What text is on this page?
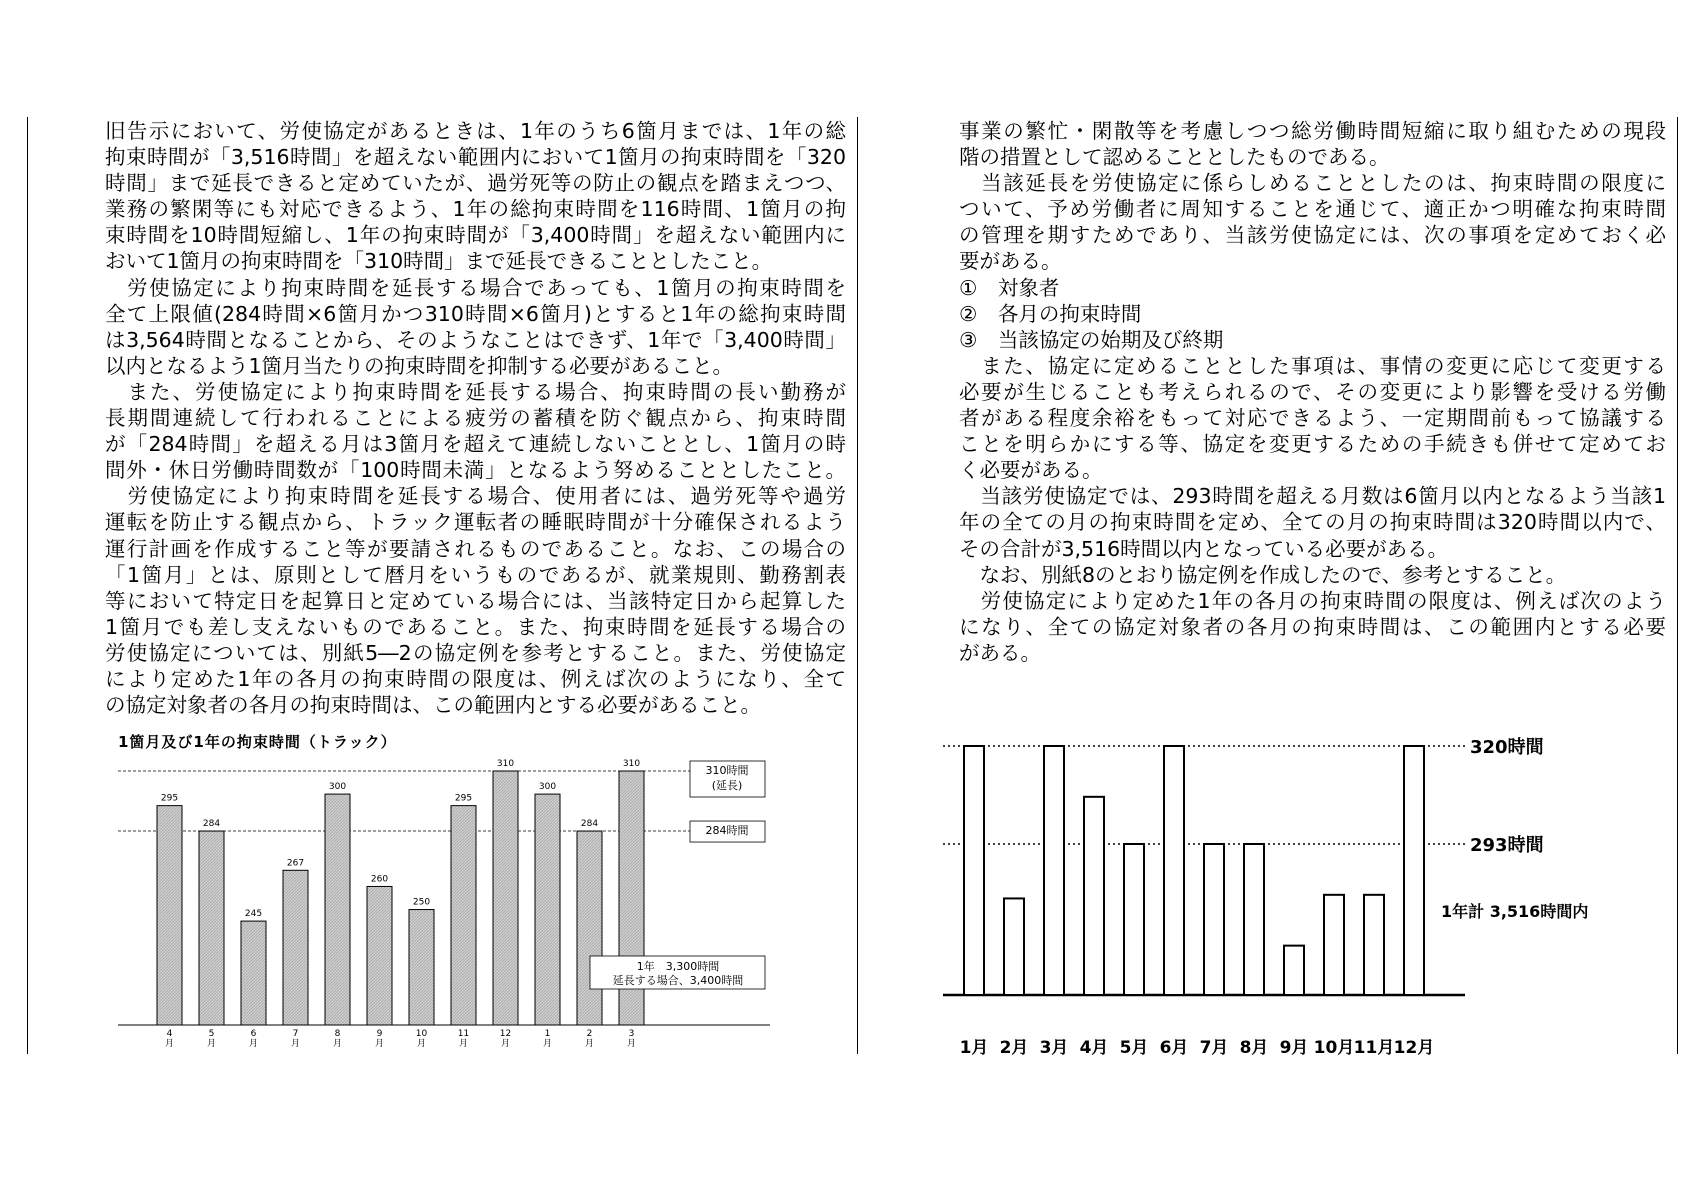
旧告示において、労使協定があるときは、1年のうち6箇月までは、1年の総
拘束時間が「3,516時間」を超えない範囲内において1箇月の拘束時間を「320
時間」まで延長できると定めていたが、過労死等の防止の観点を踏まえつつ、
業務の繁閑等にも対応できるよう、1年の総拘束時間を116時間、1箇月の拘
束時間を10時間短縮し、1年の拘束時間が「3,400時間」を超えない範囲内に
おいて1箇月の拘束時間を「310時間」まで延長できることとしたこと。
　労使協定により拘束時間を延長する場合であっても、1箇月の拘束時間を
全て上限値(284時間×6箇月かつ310時間×6箇月)とすると1年の総拘束時間
は3,564時間となることから、そのようなことはできず、1年で「3,400時間」
以内となるよう1箇月当たりの拘束時間を抑制する必要があること。
　また、労使協定により拘束時間を延長する場合、拘束時間の長い勤務が
長期間連続して行われることによる疲労の蓄積を防ぐ観点から、拘束時間
が「284時間」を超える月は3箇月を超えて連続しないこととし、1箇月の時
間外・休日労働時間数が「100時間未満」となるよう努めることとしたこと。
　労使協定により拘束時間を延長する場合、使用者には、過労死等や過労
運転を防止する観点から、トラック運転者の睡眠時間が十分確保されるよう
運行計画を作成すること等が要請されるものであること。なお、この場合の
「1箇月」とは、原則として暦月をいうものであるが、就業規則、勤務割表
等において特定日を起算日と定めている場合には、当該特定日から起算した
1箇月でも差し支えないものであること。また、拘束時間を延長する場合の
労使協定については、別紙5―2の協定例を参考とすること。また、労使協定
により定めた1年の各月の拘束時間の限度は、例えば次のようになり、全て
の協定対象者の各月の拘束時間は、この範囲内とする必要があること。
事業の繁忙・閑散等を考慮しつつ総労働時間短縮に取り組むための現段
階の措置として認めることとしたものである。
　当該延長を労使協定に係らしめることとしたのは、拘束時間の限度に
ついて、予め労働者に周知することを通じて、適正かつ明確な拘束時間
の管理を期すためであり、当該労使協定には、次の事項を定めておく必
要がある。
①　対象者
②　各月の拘束時間
③　当該協定の始期及び終期
　また、協定に定めることとした事項は、事情の変更に応じて変更する
必要が生じることも考えられるので、その変更により影響を受ける労働
者がある程度余裕をもって対応できるよう、一定期間前もって協議する
ことを明らかにする等、協定を変更するための手続きも併せて定めてお
く必要がある。
　当該労使協定では、293時間を超える月数は6箇月以内となるよう当該1
年の全ての月の拘束時間を定め、全ての月の拘束時間は320時間以内で、
その合計が3,516時間以内となっている必要がある。
　なお、別紙8のとおり協定例を作成したので、参考とすること。
　労使協定により定めた1年の各月の拘束時間の限度は、例えば次のよう
になり、全ての協定対象者の各月の拘束時間は、この範囲内とする必要
がある。
1箇月及び1年の拘束時間（トラック）
310時間
(延長)
284時間
295
4
月
284
5
月
245
6
月
267
7
月
300
8
月
260
9
月
250
10
月
295
11
月
310
12
月
300
1
月
284
2
月
310
3
月
1年　3,300時間
延長する場合、3,400時間
320時間
293時間
1月 2月 3月 4月 5月 6月 7月 8月 9月 10月 11月 12月
1年計 3,516時間内
